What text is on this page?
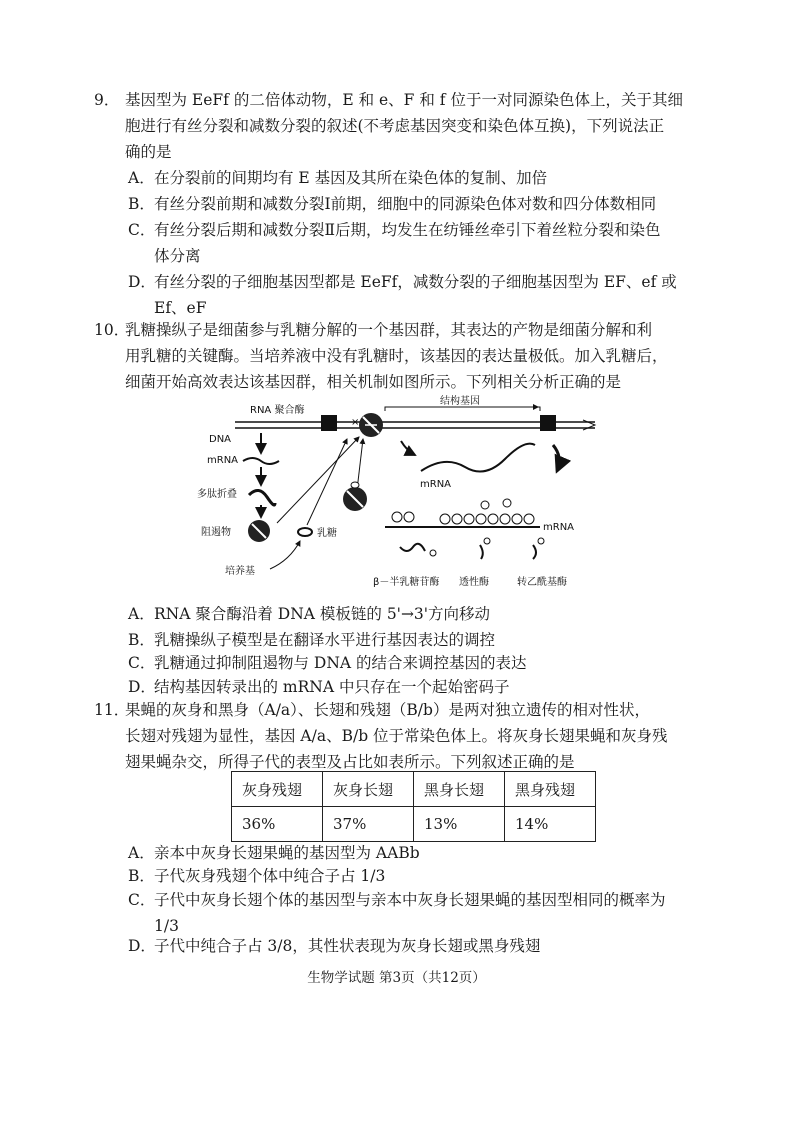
9． 基因型为 EeFf 的二倍体动物，E 和 e、F 和 f 位于一对同源染色体上，关于其细
胞进行有丝分裂和减数分裂的叙述(不考虑基因突变和染色体互换)，下列说法正
确的是
A．在分裂前的间期均有 E 基因及其所在染色体的复制、加倍
B．有丝分裂前期和减数分裂Ⅰ前期，细胞中的同源染色体对数和四分体数相同
C．有丝分裂后期和减数分裂Ⅱ后期，均发生在纺锤丝牵引下着丝粒分裂和染色
体分离
D．有丝分裂的子细胞基因型都是 EeFf，减数分裂的子细胞基因型为 EF、ef 或
Ef、eF
10．
乳糖操纵子是细菌参与乳糖分解的一个基因群，其表达的产物是细菌分解和利
用乳糖的关键酶。当培养液中没有乳糖时，该基因的表达量极低。加入乳糖后，
细菌开始高效表达该基因群，相关机制如图所示。下列相关分析正确的是
×
结构基因
RNA 聚合酶
DNA
mRNA
多肽折叠
阻遏物	乳糖
培养基
mRNA
mRNA
β－半乳糖苷酶 透性酶	转乙酰基酶
A．RNA 聚合酶沿着 DNA 模板链的 5'→3'方向移动
B．乳糖操纵子模型是在翻译水平进行基因表达的调控
C．乳糖通过抑制阻遏物与 DNA 的结合来调控基因的表达
D．结构基因转录出的 mRNA 中只存在一个起始密码子
11．
果蝇的灰身和黑身（A/a）、长翅和残翅（B/b）是两对独立遗传的相对性状，
长翅对残翅为显性，基因 A/a、B/b 位于常染色体上。将灰身长翅果蝇和灰身残
翅果蝇杂交，所得子代的表型及占比如表所示。下列叙述正确的是
灰身残翅	灰身长翅	黑身长翅	黑身残翅
36%	37%	13%	14%
A．亲本中灰身长翅果蝇的基因型为 AABb
B．子代灰身残翅个体中纯合子占 1/3
C．子代中灰身长翅个体的基因型与亲本中灰身长翅果蝇的基因型相同的概率为
1/3
D．子代中纯合子占 3/8，其性状表现为灰身长翅或黑身残翅
生物学试题 第3页（共12页）
